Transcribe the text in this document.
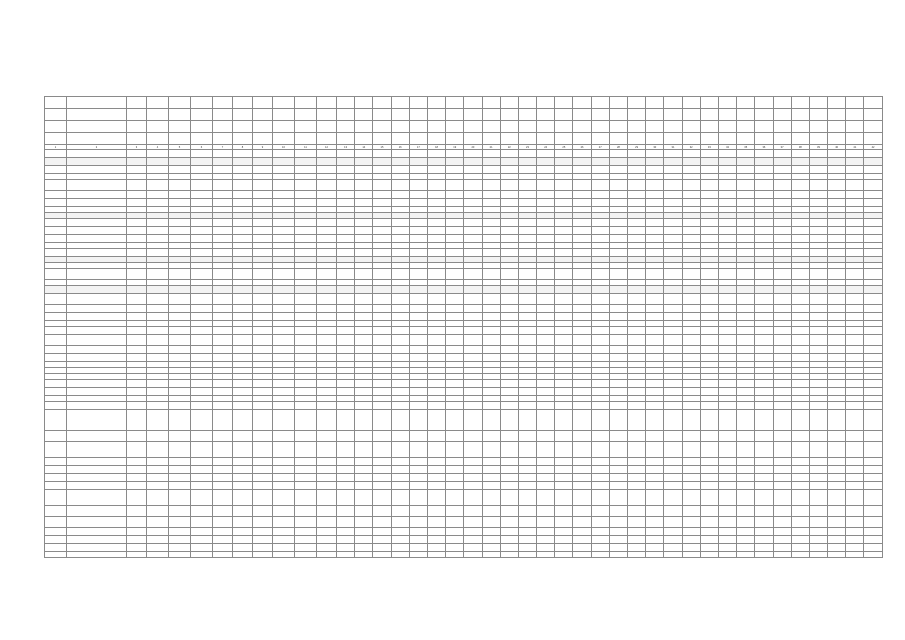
1	2	3	4	5	6	7	8	9	10	11	12	13	14	15	16	17	18	19	20	21	22	23	24	25	26	27	28	29	30	31	32	33	34	35	36	37	38	39	40	41	42
